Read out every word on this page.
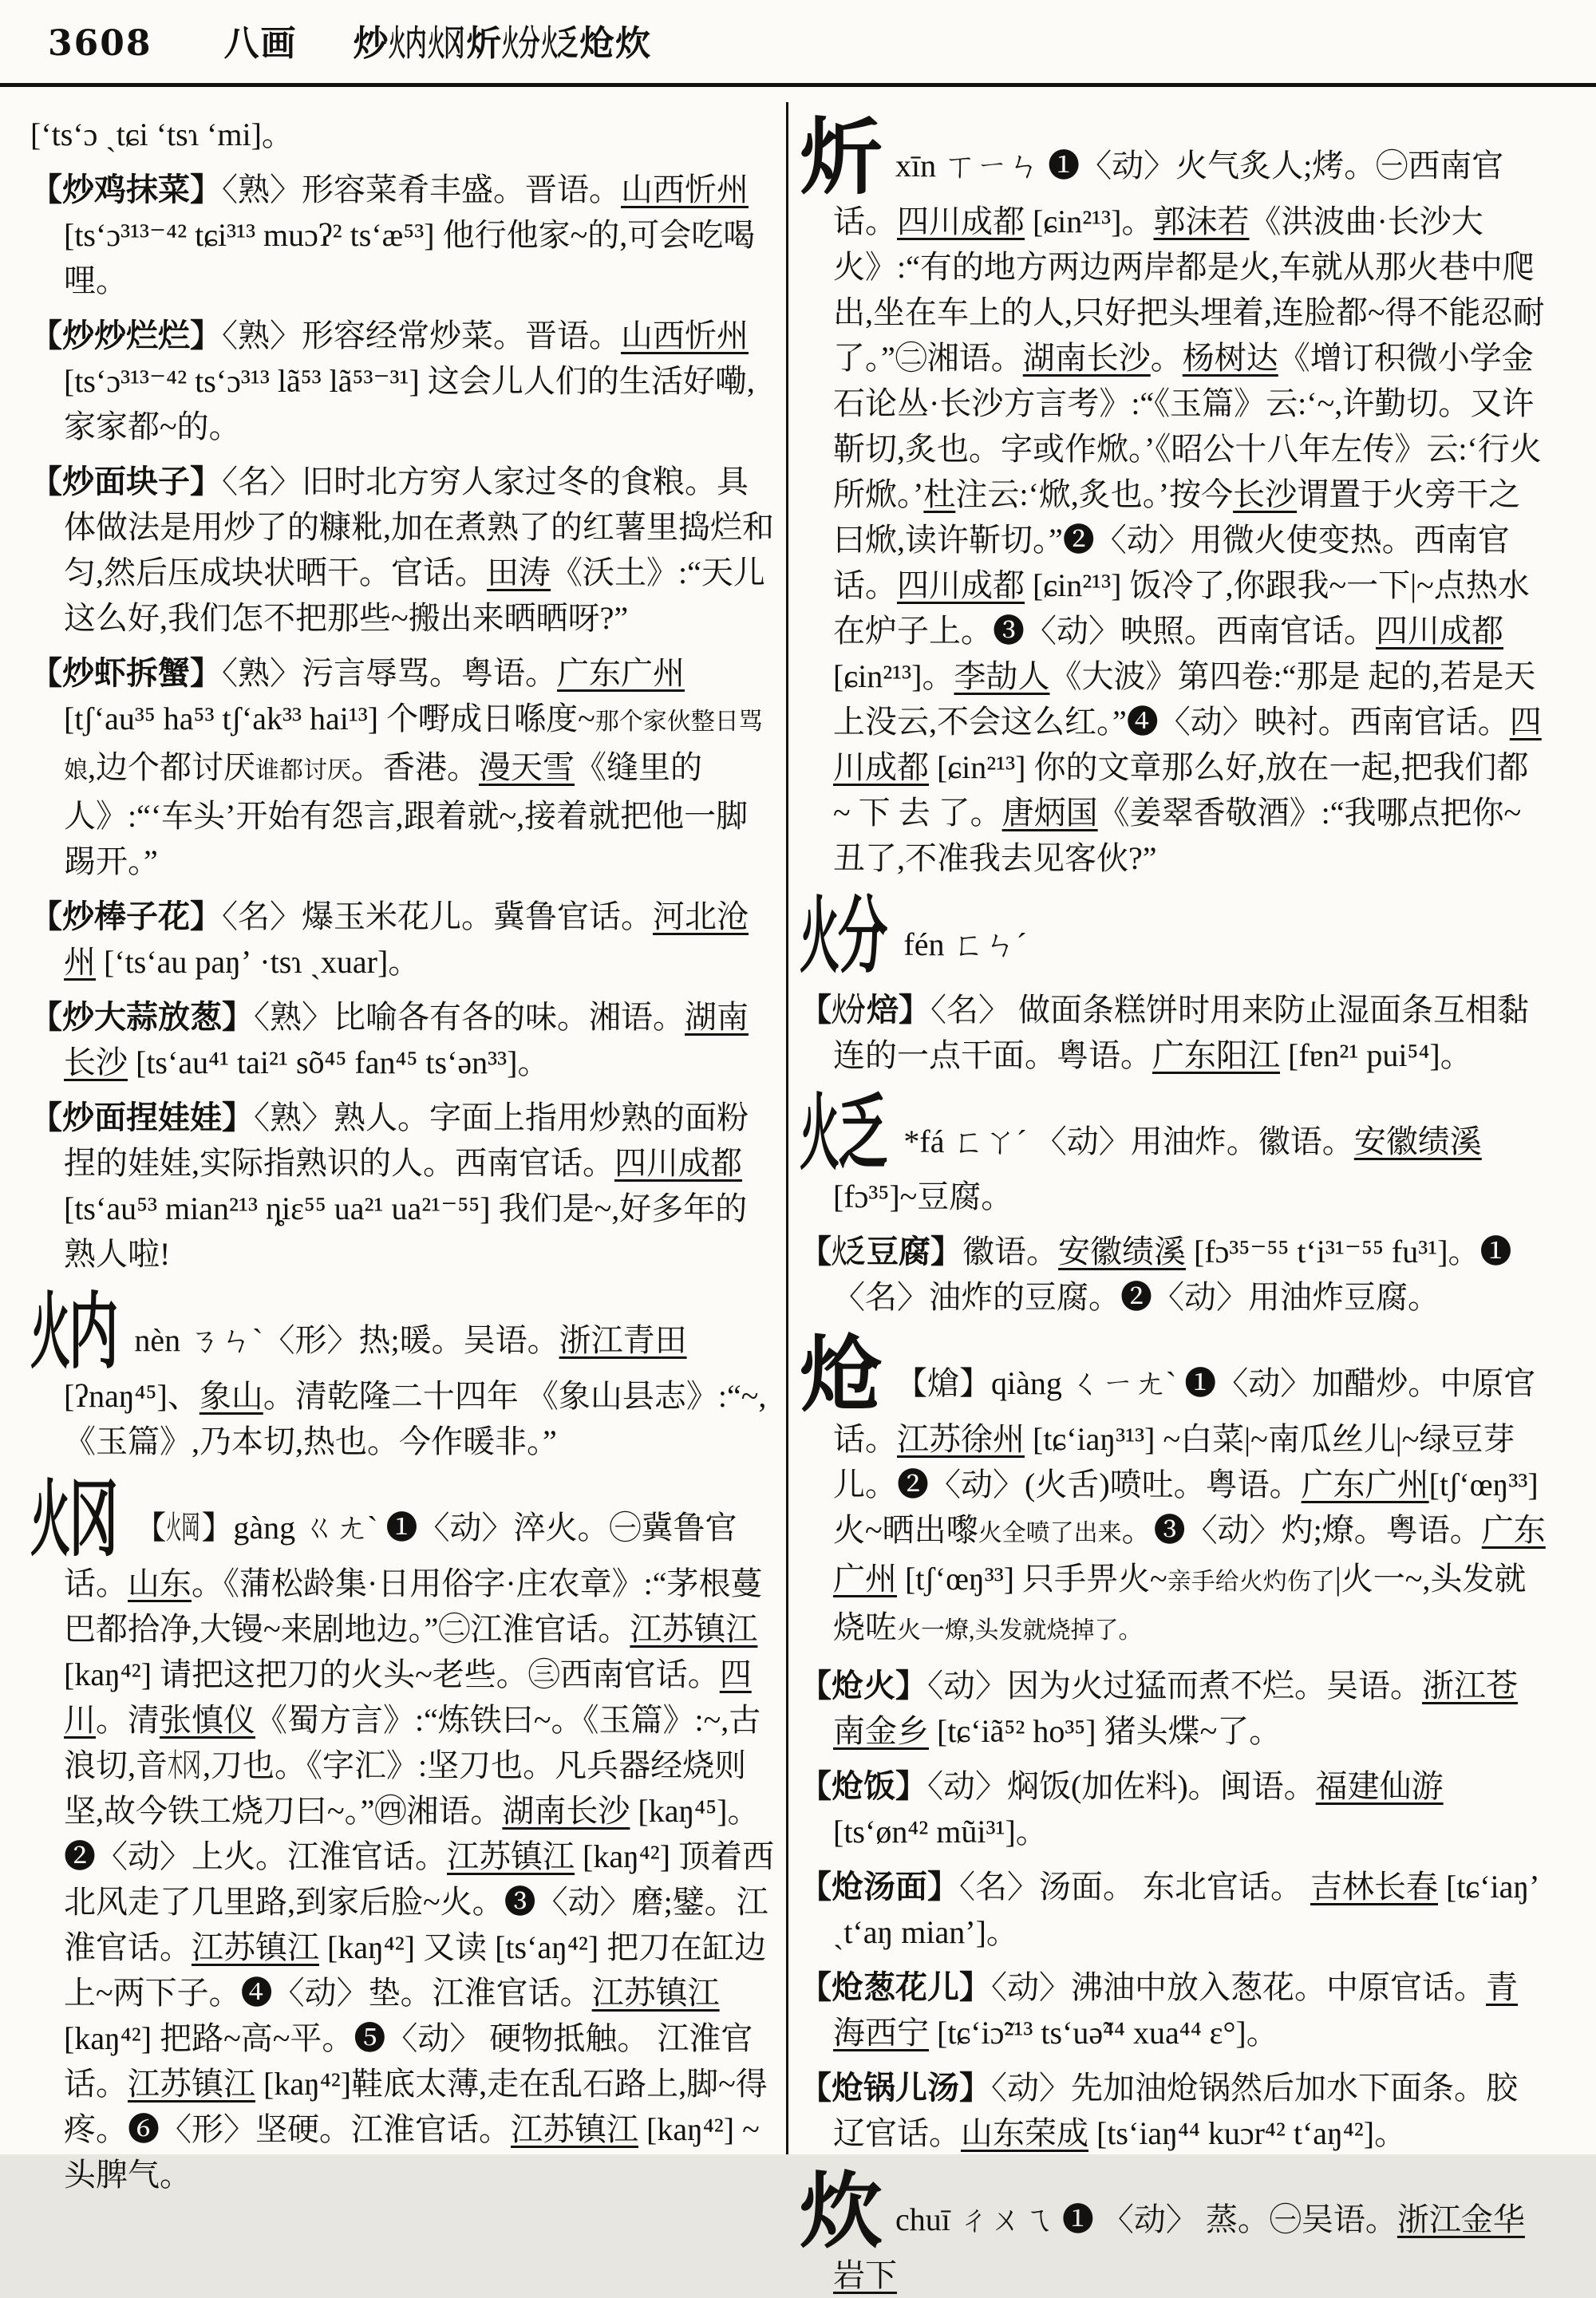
3608 八画 炒火内火冈炘火分火乏炝炊
[ʻtsʻɔ ˎtɕi ʻtsɿ ʻmi]。
【炒鸡抹菜】〈熟〉形容菜肴丰盛。晋语。山西忻州 [tsʻɔ³¹³⁻⁴² tɕi³¹³ muɔʔ² tsʻæ⁵³] 他行他家~的,可会吃喝哩。
【炒炒烂烂】〈熟〉形容经常炒菜。晋语。山西忻州 [tsʻɔ³¹³⁻⁴² tsʻɔ³¹³ lã⁵³ lã⁵³⁻³¹] 这会儿人们的生活好嘞,家家都~的。
【炒面块子】〈名〉旧时北方穷人家过冬的食粮。具体做法是用炒了的糠粃,加在煮熟了的红薯里捣烂和匀,然后压成块状晒干。官话。田涛《沃土》:“天儿这么好,我们怎不把那些~搬出来晒晒呀?”
【炒虾拆蟹】〈熟〉污言辱骂。粤语。广东广州 [tʃʻau³⁵ ha⁵³ tʃʻak³³ hai¹³] 个嘢成日喺度~那个家伙整日骂娘,边个都讨厌谁都讨厌。香港。漫天雪《缝里的人》:“‘车头’开始有怨言,跟着就~,接着就把他一脚踢开。”
【炒棒子花】〈名〉爆玉米花儿。冀鲁官话。河北沧州 [ʻtsʻau paŋʼ ·tsɿ ˎxuar]。
【炒大蒜放葱】〈熟〉比喻各有各的味。湘语。湖南长沙 [tsʻau⁴¹ tai²¹ sõ⁴⁵ fan⁴⁵ tsʻən³³]。
【炒面捏娃娃】〈熟〉熟人。字面上指用炒熟的面粉捏的娃娃,实际指熟识的人。西南官话。四川成都 [tsʻau⁵³ mian²¹³ ȵiɛ⁵⁵ ua²¹ ua²¹⁻⁵⁵] 我们是~,好多年的熟人啦!
火内 nèn ㄋㄣˋ〈形〉热;暖。吴语。浙江青田[ʔnaŋ⁴⁵]、象山。清乾隆二十四年 《象山县志》:“~,《玉篇》,乃本切,热也。今作暖非。”
火冈 【火岡】gàng ㄍㄤˋ ❶〈动〉淬火。㊀冀鲁官话。山东。《蒲松龄集·日用俗字·庄农章》:“茅根蔓巴都拾净,大镘~来剧地边。”㊁江淮官话。江苏镇江 [kaŋ⁴²] 请把这把刀的火头~老些。㊂西南官话。四川。清张慎仪《蜀方言》:“炼铁曰~。《玉篇》:~,古浪切,音木冈,刀也。《字汇》:坚刀也。凡兵器经烧则坚,故今铁工烧刀曰~。”㊃湘语。湖南长沙 [kaŋ⁴⁵]。❷〈动〉上火。江淮官话。江苏镇江 [kaŋ⁴²] 顶着西北风走了几里路,到家后脸~火。❸〈动〉磨;鐾。江淮官话。江苏镇江 [kaŋ⁴²] 又读 [tsʻaŋ⁴²] 把刀在缸边上~两下子。❹〈动〉垫。江淮官话。江苏镇江[kaŋ⁴²] 把路~高~平。❺〈动〉 硬物抵触。 江淮官话。江苏镇江 [kaŋ⁴²]鞋底太薄,走在乱石路上,脚~得疼。❻〈形〉坚硬。江淮官话。江苏镇江 [kaŋ⁴²] ~头脾气。
炘xīn ㄒㄧㄣ ❶〈动〉火气炙人;烤。㊀西南官话。四川成都 [ɕin²¹³]。郭沫若《洪波曲·长沙大火》:“有的地方两边两岸都是火,车就从那火巷中爬出,坐在车上的人,只好把头埋着,连脸都~得不能忍耐了。”㊁湘语。湖南长沙。杨树达《增订积微小学金石论丛·长沙方言考》:“《玉篇》云:‘~,许勤切。又许靳切,炙也。字或作焮。’《昭公十八年左传》云:‘行火所焮。’杜注云:‘焮,炙也。’按今长沙谓置于火旁干之曰焮,读许靳切。”❷〈动〉用微火使变热。西南官话。四川成都 [ɕin²¹³] 饭冷了,你跟我~一下|~点热水在炉子上。❸〈动〉映照。西南官话。四川成都 [ɕin²¹³]。李劼人《大波》第四卷:“那是 起的,若是天上没云,不会这么红。”❹〈动〉映衬。西南官话。四川成都 [ɕin²¹³] 你的文章那么好,放在一起,把我们都~ 下 去 了。唐炳国《姜翠香敬酒》:“我哪点把你~丑了,不准我去见客伙?”
火分 fén ㄈㄣˊ
【火分焙】〈名〉 做面条糕饼时用来防止湿面条互相黏连的一点干面。粤语。广东阳江 [fɐn²¹ pui⁵⁴]。
火乏 *fá ㄈㄚˊ 〈动〉用油炸。徽语。安徽绩溪 [fɔ³⁵]~豆腐。
【火乏豆腐】徽语。安徽绩溪 [fɔ³⁵⁻⁵⁵ tʻi³¹⁻⁵⁵ fu³¹]。❶〈名〉油炸的豆腐。❷〈动〉用油炸豆腐。
炝 【熗】qiàng ㄑㄧㄤˋ ❶〈动〉加醋炒。中原官话。江苏徐州 [tɕʻiaŋ³¹³] ~白菜|~南瓜丝儿|~绿豆芽儿。❷〈动〉(火舌)喷吐。粤语。广东广州[tʃʻœŋ³³] 火~晒出嚟火全喷了出来。❸〈动〉灼;燎。粤语。广东广州 [tʃʻœŋ³³] 只手畀火~亲手给火灼伤了|火一~,头发就烧咗火一燎,头发就烧掉了。
【炝火】〈动〉因为火过猛而煮不烂。吴语。浙江苍南金乡 [tɕʻiã⁵² ho³⁵] 猪头煠~了。
【炝饭】〈动〉焖饭(加佐料)。闽语。福建仙游 [tsʻøn⁴² mũi³¹]。
【炝汤面】〈名〉汤面。 东北官话。 吉林长春 [tɕʻiaŋʼ ˎtʻaŋ mianʼ]。
【炝葱花儿】〈动〉沸油中放入葱花。中原官话。青海西宁 [tɕʻiɔ̃²¹³ tsʻuə̃⁴⁴ xua⁴⁴ ɛ°]。
【炝锅儿汤】〈动〉先加油炝锅然后加水下面条。胶辽官话。山东荣成 [tsʻiaŋ⁴⁴ kuɔr⁴² tʻaŋ⁴²]。
炊chuī ㄔㄨㄟ ❶ 〈动〉 蒸。㊀吴语。浙江金华岩下
